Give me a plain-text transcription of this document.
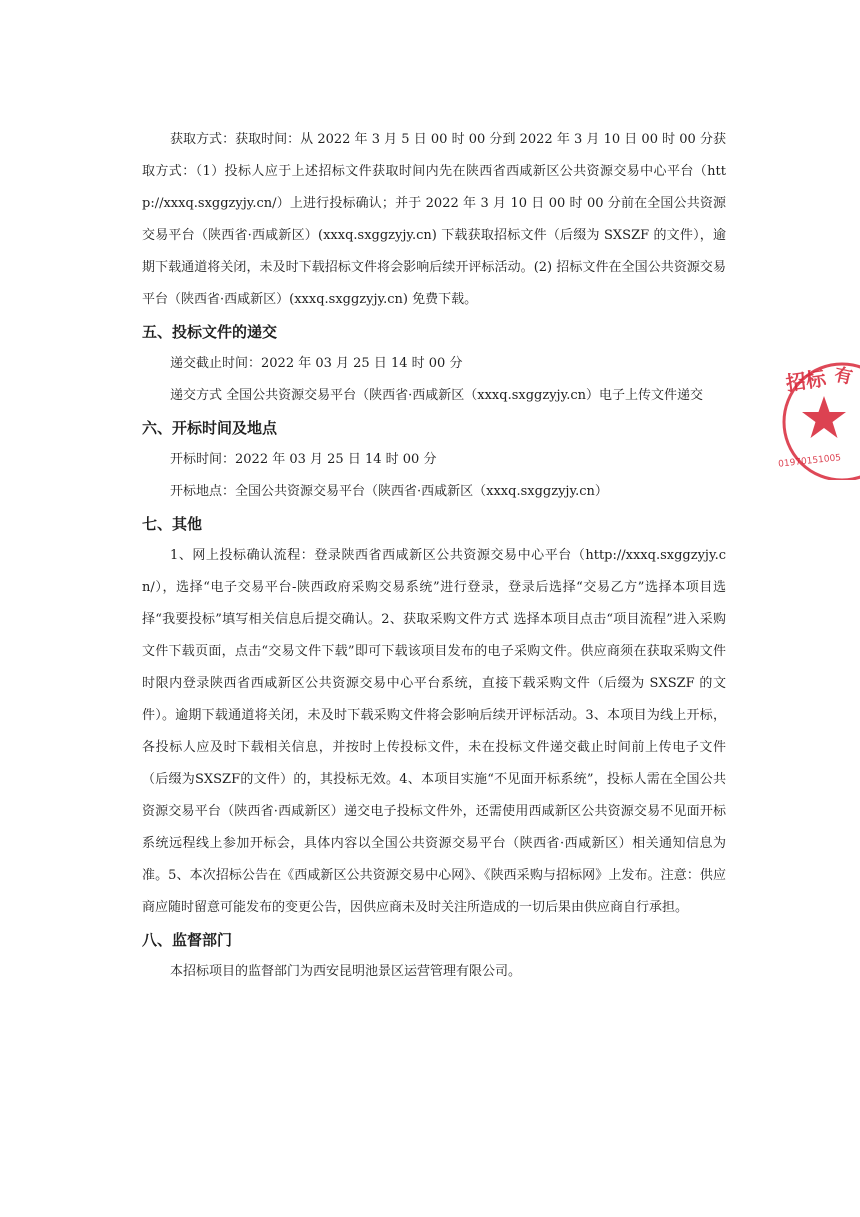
获取方式：获取时间：从 2022 年 3 月 5 日 00 时 00 分到 2022 年 3 月 10 日 00 时 00 分获取方式：（1）投标人应于上述招标文件获取时间内先在陕西省西咸新区公共资源交易中心平台（http://xxxq.sxggzyjy.cn/）上进行投标确认；并于 2022 年 3 月 10 日 00 时 00 分前在全国公共资源交易平台（陕西省·西咸新区）(xxxq.sxggzyjy.cn) 下载获取招标文件（后缀为 SXSZF 的文件），逾期下载通道将关闭，未及时下载招标文件将会影响后续开评标活动。(2) 招标文件在全国公共资源交易平台（陕西省·西咸新区）(xxxq.sxggzyjy.cn) 免费下载。

五、投标文件的递交

递交截止时间：2022 年 03 月 25 日 14 时 00 分

递交方式 全国公共资源交易平台（陕西省·西咸新区（xxxq.sxggzyjy.cn）电子上传文件递交

六、开标时间及地点

开标时间：2022 年 03 月 25 日 14 时 00 分

开标地点：全国公共资源交易平台（陕西省·西咸新区（xxxq.sxggzyjy.cn）

七、其他

1、网上投标确认流程：登录陕西省西咸新区公共资源交易中心平台（http://xxxq.sxggzyjy.cn/），选择“电子交易平台-陕西政府采购交易系统”进行登录，登录后选择“交易乙方”选择本项目选择“我要投标”填写相关信息后提交确认。2、获取采购文件方式 选择本项目点击“项目流程”进入采购文件下载页面，点击“交易文件下载”即可下载该项目发布的电子采购文件。供应商须在获取采购文件时限内登录陕西省西咸新区公共资源交易中心平台系统，直接下载采购文件（后缀为 SXSZF 的文件）。逾期下载通道将关闭，未及时下载采购文件将会影响后续开评标活动。3、本项目为线上开标，各投标人应及时下载相关信息，并按时上传投标文件，未在投标文件递交截止时间前上传电子文件（后缀为SXSZF的文件）的，其投标无效。4、本项目实施“不见面开标系统”，投标人需在全国公共资源交易平台（陕西省·西咸新区）递交电子投标文件外，还需使用西咸新区公共资源交易不见面开标系统远程线上参加开标会，具体内容以全国公共资源交易平台（陕西省·西咸新区）相关通知信息为准。5、本次招标公告在《西咸新区公共资源交易中心网》、《陕西采购与招标网》上发布。注意：供应商应随时留意可能发布的变更公告，因供应商未及时关注所造成的一切后果由供应商自行承担。

八、监督部门

本招标项目的监督部门为西安昆明池景区运营管理有限公司。

招标 有
01970151005
